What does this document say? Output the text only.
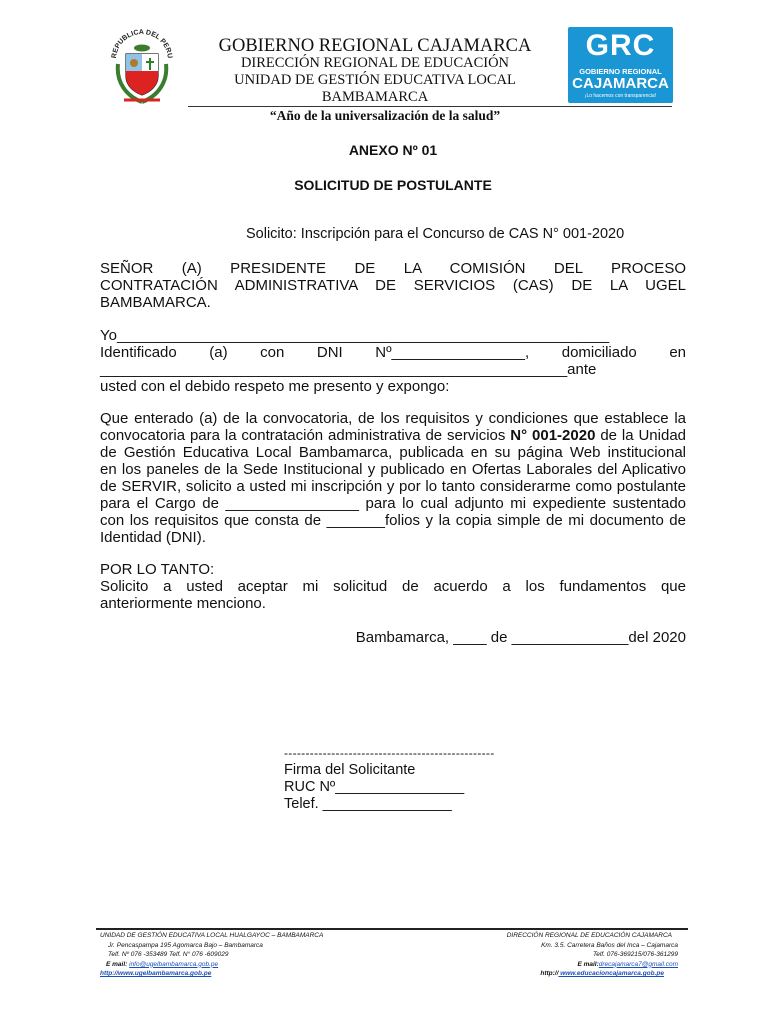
REPUBLICA DEL PERU	GOBIERNO REGIONAL CAJAMARCA
DIRECCIÓN REGIONAL DE EDUCACIÓN
UNIDAD DE GESTIÓN EDUCATIVA LOCAL
BAMBAMARCA
GRC
GOBIERNO REGIONAL
CAJAMARCA
¡Lo hacemos con transparencia!
“Año de la universalización de la salud”
ANEXO Nº 01
SOLICITUD DE POSTULANTE
Solicito: Inscripción para el Concurso de CAS N° 001-2020
SEÑOR (A) PRESIDENTE DE LA COMISIÓN DEL PROCESO
CONTRATACIÓN ADMINISTRATIVA DE SERVICIOS (CAS) DE LA UGEL
BAMBAMARCA.
Yo___________________________________________________________
Identificado (a) con DNI Nº________________, domiciliado en
________________________________________________________ante
usted con el debido respeto me presento y expongo:
Que enterado (a) de la convocatoria, de los requisitos y condiciones que establece la
convocatoria para la contratación administrativa de servicios N° 001-2020 de la Unidad
de Gestión Educativa Local Bambamarca, publicada en su página Web institucional
en los paneles de la Sede Institucional y publicado en Ofertas Laborales del Aplicativo
de SERVIR, solicito a usted mi inscripción y por lo tanto considerarme como postulante
para el Cargo de ________________ para lo cual adjunto mi expediente sustentado
con los requisitos que consta de _______folios y la copia simple de mi documento de
Identidad (DNI).
POR LO TANTO:
Solicito a usted aceptar mi solicitud de acuerdo a los fundamentos que
anteriormente menciono.
Bambamarca, ____ de ______________del 2020
-------------------------------------------------
Firma del Solicitante
RUC Nº________________
Telef. ________________
UNIDAD DE GESTIÓN EDUCATIVA LOCAL HUALGAYOC – BAMBAMARCA
Jr. Pencaspampa 195 Agomarca Bajo – Bambamarca
Telf. Nº 076 -353489 Telf. N° 076 -609029
E mail: info@ugelbambamarca.gob.pe
http://www.ugelbambamarca.gob.pe
DIRECCIÓN REGIONAL DE EDUCACIÓN CAJAMARCA
Km. 3.5. Carretera Baños del Inca – Cajamarca
Telf. 076-369215/076-361299
E mail:drecajamarca7@gmail.com
http:// www.educacioncajamarca.gob.pe
